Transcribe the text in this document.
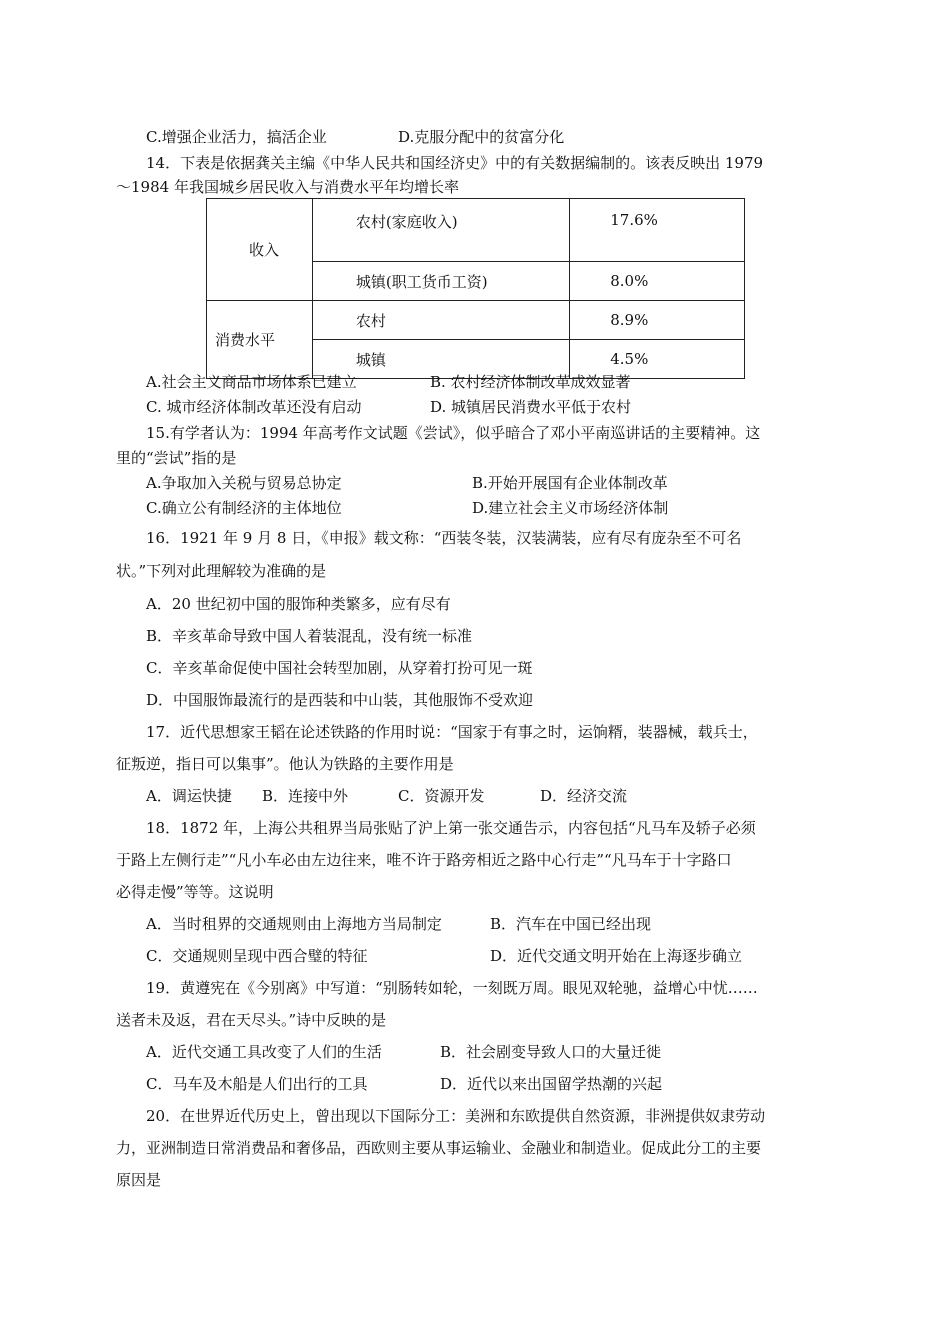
C.增强企业活力，搞活企业	D.克服分配中的贫富分化
14．下表是依据龚关主编《中华人民共和国经济史》中的有关数据编制的。该表反映出 1979
～1984 年我国城乡居民收入与消费水平年均增长率
收入	农村(家庭收入)	17.6%
	城镇(职工货币工资)	8.0%
消费水平	农村	8.9%
	城镇	4.5%
A.社会主义商品市场体系已建立	B. 农村经济体制改革成效显著
C. 城市经济体制改革还没有启动	D. 城镇居民消费水平低于农村
15.有学者认为：1994 年高考作文试题《尝试》，似乎暗合了邓小平南巡讲话的主要精神。这
里的“尝试”指的是
A.争取加入关税与贸易总协定	B.开始开展国有企业体制改革
C.确立公有制经济的主体地位	D.建立社会主义市场经济体制
16．1921 年 9 月 8 日，《申报》载文称：“西装冬装，汉装满装，应有尽有庞杂至不可名
状。”下列对此理解较为准确的是
A．20 世纪初中国的服饰种类繁多，应有尽有
B．辛亥革命导致中国人着装混乱，没有统一标准
C．辛亥革命促使中国社会转型加剧，从穿着打扮可见一斑
D．中国服饰最流行的是西装和中山装，其他服饰不受欢迎
17．近代思想家王韬在论述铁路的作用时说：“国家于有事之时，运饷糈，装器械，载兵士，
征叛逆，指日可以集事”。他认为铁路的主要作用是
A．调运快捷 B．连接中外	C．资源开发	D．经济交流
18．1872 年，上海公共租界当局张贴了沪上第一张交通告示，内容包括“凡马车及轿子必须
于路上左侧行走”“凡小车必由左边往来，唯不许于路旁相近之路中心行走”“凡马车于十字路口
必得走慢”等等。这说明
A．当时租界的交通规则由上海地方当局制定	B．汽车在中国已经出现
C．交通规则呈现中西合璧的特征	D．近代交通文明开始在上海逐步确立
19．黄遵宪在《今别离》中写道：“别肠转如轮，一刻既万周。眼见双轮驰，益增心中忧……
送者未及返，君在天尽头。”诗中反映的是
A．近代交通工具改变了人们的生活	B．社会剧变导致人口的大量迁徙
C．马车及木船是人们出行的工具	D．近代以来出国留学热潮的兴起
20．在世界近代历史上，曾出现以下国际分工：美洲和东欧提供自然资源，非洲提供奴隶劳动
力，亚洲制造日常消费品和奢侈品，西欧则主要从事运输业、金融业和制造业。促成此分工的主要
原因是
